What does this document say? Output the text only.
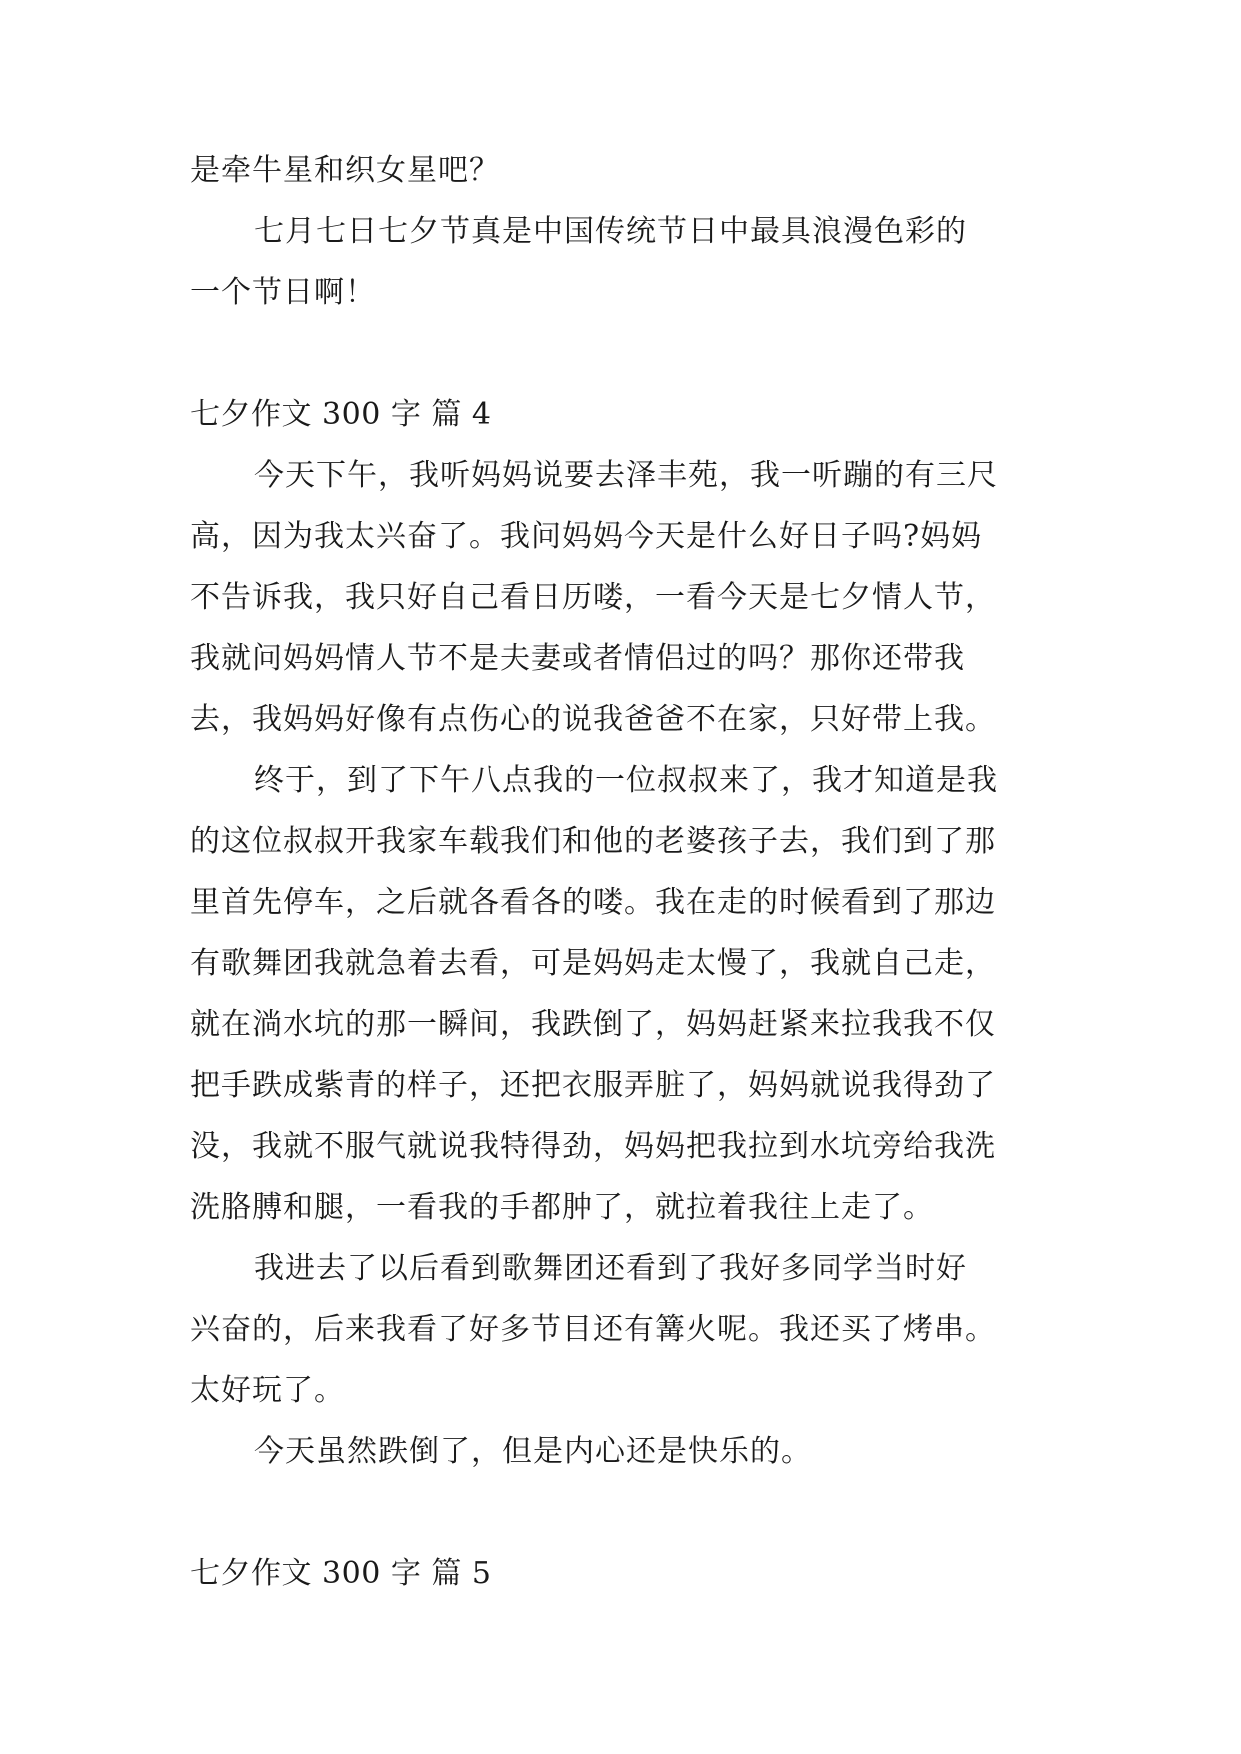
是牵牛星和织女星吧？
七月七日七夕节真是中国传统节日中最具浪漫色彩的
一个节日啊！
七夕作文 300 字 篇 4
今天下午，我听妈妈说要去泽丰苑，我一听蹦的有三尺
高，因为我太兴奋了。我问妈妈今天是什么好日子吗?妈妈
不告诉我，我只好自己看日历喽，一看今天是七夕情人节，
我就问妈妈情人节不是夫妻或者情侣过的吗？那你还带我
去，我妈妈好像有点伤心的说我爸爸不在家，只好带上我。
终于，到了下午八点我的一位叔叔来了，我才知道是我
的这位叔叔开我家车载我们和他的老婆孩子去，我们到了那
里首先停车，之后就各看各的喽。我在走的时候看到了那边
有歌舞团我就急着去看，可是妈妈走太慢了，我就自己走，
就在淌水坑的那一瞬间，我跌倒了，妈妈赶紧来拉我我不仅
把手跌成紫青的样子，还把衣服弄脏了，妈妈就说我得劲了
没，我就不服气就说我特得劲，妈妈把我拉到水坑旁给我洗
洗胳膊和腿，一看我的手都肿了，就拉着我往上走了。
我进去了以后看到歌舞团还看到了我好多同学当时好
兴奋的，后来我看了好多节目还有篝火呢。我还买了烤串。
太好玩了。
今天虽然跌倒了，但是内心还是快乐的。
七夕作文 300 字 篇 5
